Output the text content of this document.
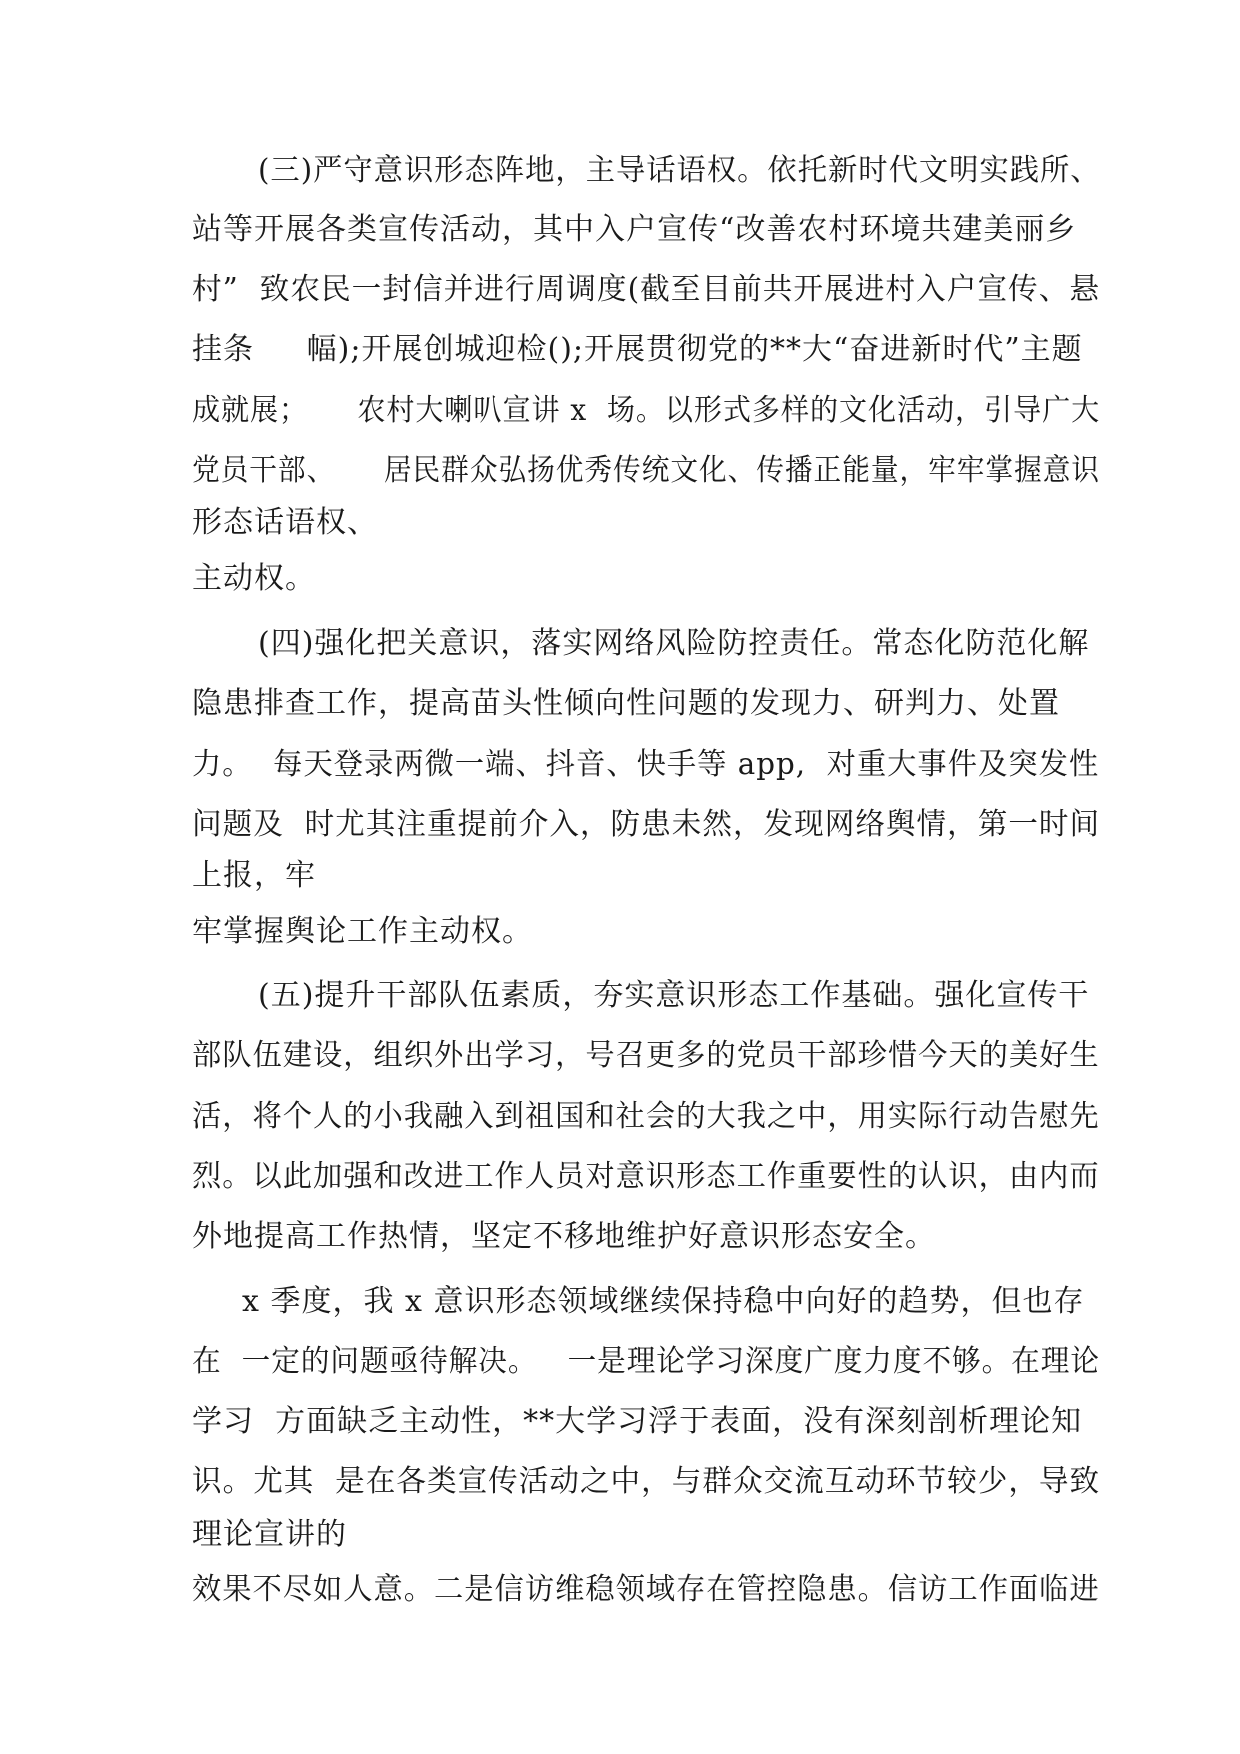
(三)严守意识形态阵地，主导话语权。依托新时代文明实践所、
站等开展各类宣传活动，其中入户宣传“改善农村环境共建美丽乡
村”  致农民一封信并进行周调度(截至目前共开展进村入户宣传、悬
挂条     幅);开展创城迎检();开展贯彻党的**大“奋进新时代”主题
成就展；     农村大喇叭宣讲 x  场。以形式多样的文化活动，引导广大
党员干部、     居民群众弘扬优秀传统文化、传播正能量，牢牢掌握意识
形态话语权、
主动权。
(四)强化把关意识，落实网络风险防控责任。常态化防范化解
隐患排查工作，提高苗头性倾向性问题的发现力、研判力、处置
力。  每天登录两微一端、抖音、快手等 app,  对重大事件及突发性
问题及  时尤其注重提前介入，防患未然，发现网络舆情，第一时间
上报，牢
牢掌握舆论工作主动权。
(五)提升干部队伍素质，夯实意识形态工作基础。强化宣传干
部队伍建设，组织外出学习，号召更多的党员干部珍惜今天的美好生
活，将个人的小我融入到祖国和社会的大我之中，用实际行动告慰先
烈。以此加强和改进工作人员对意识形态工作重要性的认识，由内而
外地提高工作热情，坚定不移地维护好意识形态安全。
x 季度，我 x 意识形态领域继续保持稳中向好的趋势，但也存
在  一定的问题亟待解决。   一是理论学习深度广度力度不够。在理论
学习  方面缺乏主动性，**大学习浮于表面，没有深刻剖析理论知
识。尤其  是在各类宣传活动之中，与群众交流互动环节较少，导致
理论宣讲的
效果不尽如人意。二是信访维稳领域存在管控隐患。信访工作面临进
